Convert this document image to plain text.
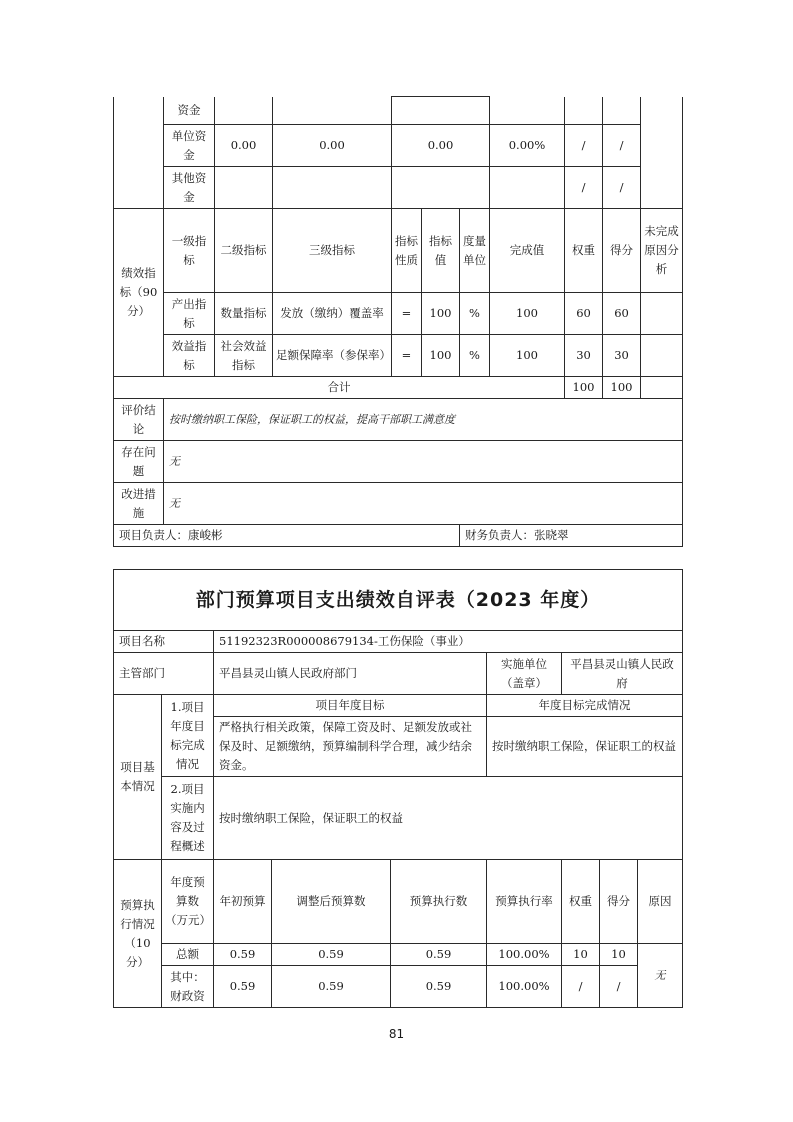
	资金									
	单位资金	0.00	0.00	0.00			0.00%	/	/	
	其他资金							/	/	
绩效指标（90分）	一级指标	二级指标	三级指标	指标性质	指标值	度量单位	完成值	权重	得分	未完成原因分析
	产出指标	数量指标	发放（缴纳）覆盖率	=	100	%	100	60	60	
	效益指标	社会效益指标	足额保障率（参保率）	=	100	%	100	30	30	
合计								100	100	
评价结论	按时缴纳职工保险，保证职工的权益，提高干部职工满意度									
存在问题	无									
改进措施	无									
项目负责人：康峻彬						财务负责人：张晓翠				
部门预算项目支出绩效自评表（2023 年度）								
项目名称		51192323R000008679134-工伤保险（事业）						
主管部门		平昌县灵山镇人民政府部门			实施单位（盖章）	平昌县灵山镇人民政府		
项目基本情况	1.项目年度目标完成情况	项目年度目标			年度目标完成情况			
		严格执行相关政策，保障工资及时、足额发放或社保及时、足额缴纳，预算编制科学合理，减少结余资金。			按时缴纳职工保险，保证职工的权益			
	2.项目实施内容及过程概述	按时缴纳职工保险，保证职工的权益						

预算执行情况（10分）	年度预算数（万元）	年初预算	调整后预算数	预算执行数	预算执行率	权重	得分	原因
	总额	0.59	0.59	0.59	100.00%	10	10	无
	其中：财政资	0.59	0.59	0.59	100.00%	/	/	
81
